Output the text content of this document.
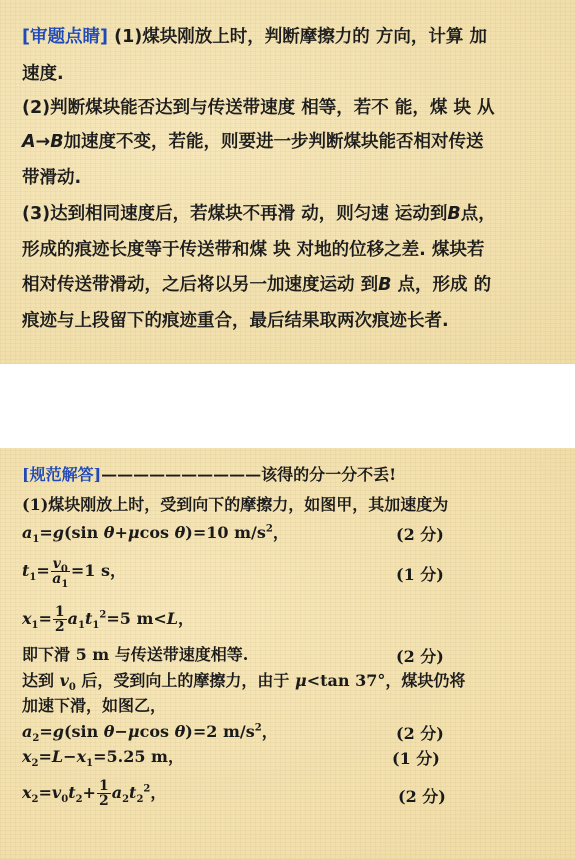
[审题点睛] (1)煤块刚放上时，判断摩擦力的 方向，计算 加
速度.
(2)判断煤块能否达到与传送带速度 相等，若不 能，煤 块 从
A→B加速度不变，若能，则要进一步判断煤块能否相对传送
带滑动.
(3)达到相同速度后，若煤块不再滑 动，则匀速 运动到B点，
形成的痕迹长度等于传送带和煤 块 对地的位移之差. 煤块若
相对传送带滑动，之后将以另一加速度运动 到B 点，形成 的
痕迹与上段留下的痕迹重合，最后结果取两次痕迹长者.
[规范解答]——————————该得的分一分不丢!
(1)煤块刚放上时，受到向下的摩擦力，如图甲，其加速度为
$a_1=g(\sin$ θ+μcos θ)=10 $m/s^2$，	(2 分)
$t_1= \frac{v_0}{a_1} =1$ s，	(1 分)
$x_1= \frac{1}{2} a_1t_1^2=5$ m<L，
即下滑 5 m 与传送带速度相等.	(2 分)
达到 $v_0$ 后，受到向上的摩擦力，由于 μ<tan 37°，煤块仍将
加速下滑，如图乙，
$a_2=g(\sin$ θ−μcos θ)=2 $m/s^2$，	(2 分)
$x_2=L-x_1=5.25$ m，	(1 分)
$x_2=v_0t_2+ \frac{1}{2} a_2t_2^2$，	(2 分)
